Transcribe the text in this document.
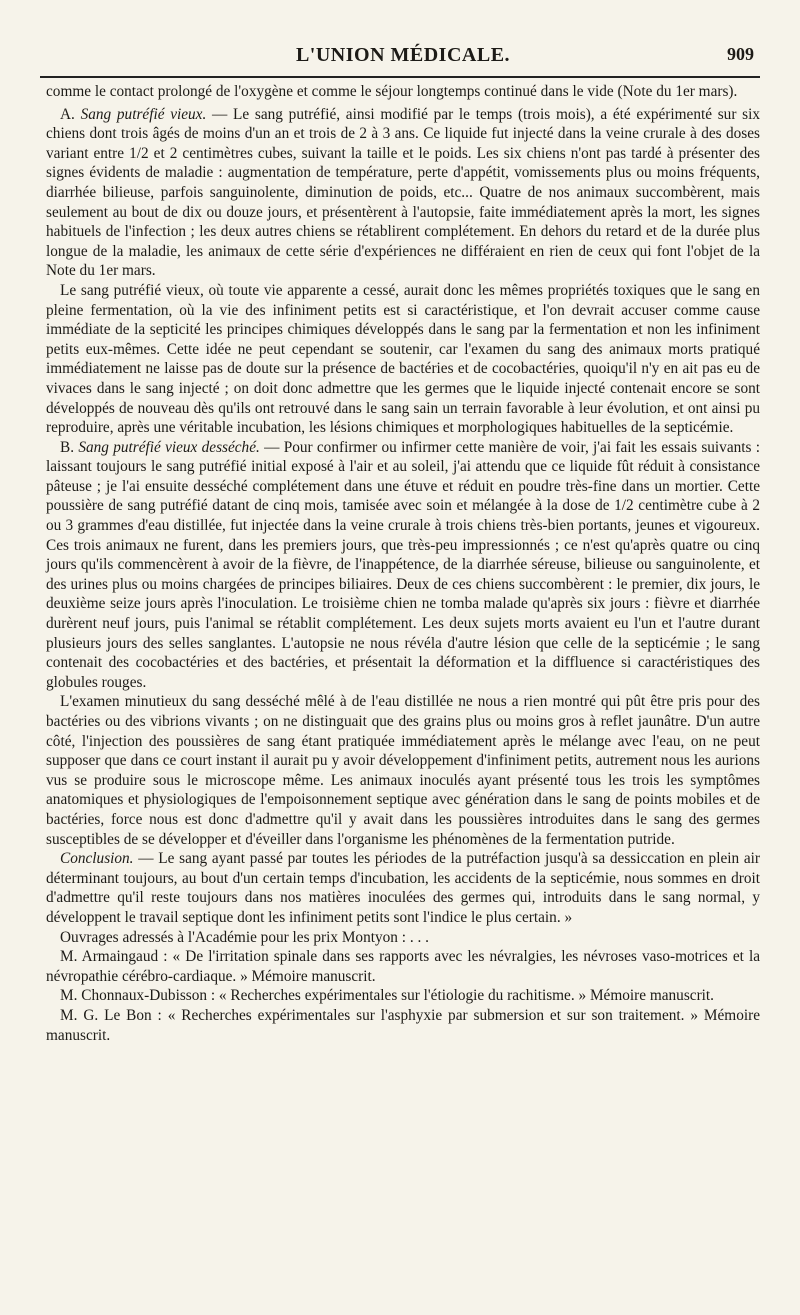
L'UNION MÉDICALE.	909

comme le contact prolongé de l'oxygène et comme le séjour longtemps continué dans le vide (Note du 1er mars).

A. Sang putréfié vieux. — Le sang putréfié, ainsi modifié par le temps (trois mois), a été expérimenté sur six chiens dont trois âgés de moins d'un an et trois de 2 à 3 ans. Ce liquide fut injecté dans la veine crurale à des doses variant entre 1/2 et 2 centimètres cubes, suivant la taille et le poids. Les six chiens n'ont pas tardé à présenter des signes évidents de maladie : augmentation de température, perte d'appétit, vomissements plus ou moins fréquents, diarrhée bilieuse, parfois sanguinolente, diminution de poids, etc... Quatre de nos animaux succombèrent, mais seulement au bout de dix ou douze jours, et présentèrent à l'autopsie, faite immédiatement après la mort, les signes habituels de l'infection ; les deux autres chiens se rétablirent complétement. En dehors du retard et de la durée plus longue de la maladie, les animaux de cette série d'expériences ne différaient en rien de ceux qui font l'objet de la Note du 1er mars.

Le sang putréfié vieux, où toute vie apparente a cessé, aurait donc les mêmes propriétés toxiques que le sang en pleine fermentation, où la vie des infiniment petits est si caractéristique, et l'on devrait accuser comme cause immédiate de la septicité les principes chimiques développés dans le sang par la fermentation et non les infiniment petits eux-mêmes. Cette idée ne peut cependant se soutenir, car l'examen du sang des animaux morts pratiqué immédiatement ne laisse pas de doute sur la présence de bactéries et de cocobactéries, quoiqu'il n'y en ait pas eu de vivaces dans le sang injecté ; on doit donc admettre que les germes que le liquide injecté contenait encore se sont développés de nouveau dès qu'ils ont retrouvé dans le sang sain un terrain favorable à leur évolution, et ont ainsi pu reproduire, après une véritable incubation, les lésions chimiques et morphologiques habituelles de la septicémie.

B. Sang putréfié vieux desséché. — Pour confirmer ou infirmer cette manière de voir, j'ai fait les essais suivants : laissant toujours le sang putréfié initial exposé à l'air et au soleil, j'ai attendu que ce liquide fût réduit à consistance pâteuse ; je l'ai ensuite desséché complétement dans une étuve et réduit en poudre très-fine dans un mortier. Cette poussière de sang putréfié datant de cinq mois, tamisée avec soin et mélangée à la dose de 1/2 centimètre cube à 2 ou 3 grammes d'eau distillée, fut injectée dans la veine crurale à trois chiens très-bien portants, jeunes et vigoureux. Ces trois animaux ne furent, dans les premiers jours, que très-peu impressionnés ; ce n'est qu'après quatre ou cinq jours qu'ils commencèrent à avoir de la fièvre, de l'inappétence, de la diarrhée séreuse, bilieuse ou sanguinolente, et des urines plus ou moins chargées de principes biliaires. Deux de ces chiens succombèrent : le premier, dix jours, le deuxième seize jours après l'inoculation. Le troisième chien ne tomba malade qu'après six jours : fièvre et diarrhée durèrent neuf jours, puis l'animal se rétablit complétement. Les deux sujets morts avaient eu l'un et l'autre durant plusieurs jours des selles sanglantes. L'autopsie ne nous révéla d'autre lésion que celle de la septicémie ; le sang contenait des cocobactéries et des bactéries, et présentait la déformation et la diffluence si caractéristiques des globules rouges.

L'examen minutieux du sang desséché mêlé à de l'eau distillée ne nous a rien montré qui pût être pris pour des bactéries ou des vibrions vivants ; on ne distinguait que des grains plus ou moins gros à reflet jaunâtre. D'un autre côté, l'injection des poussières de sang étant pratiquée immédiatement après le mélange avec l'eau, on ne peut supposer que dans ce court instant il aurait pu y avoir développement d'infiniment petits, autrement nous les aurions vus se produire sous le microscope même. Les animaux inoculés ayant présenté tous les trois les symptômes anatomiques et physiologiques de l'empoisonnement septique avec génération dans le sang de points mobiles et de bactéries, force nous est donc d'admettre qu'il y avait dans les poussières introduites dans le sang des germes susceptibles de se développer et d'éveiller dans l'organisme les phénomènes de la fermentation putride.

Conclusion. — Le sang ayant passé par toutes les périodes de la putréfaction jusqu'à sa dessiccation en plein air déterminant toujours, au bout d'un certain temps d'incubation, les accidents de la septicémie, nous sommes en droit d'admettre qu'il reste toujours dans nos matières inoculées des germes qui, introduits dans le sang normal, y développent le travail septique dont les infiniment petits sont l'indice le plus certain. »

Ouvrages adressés à l'Académie pour les prix Montyon : . . .

M. Armaingaud : « De l'irritation spinale dans ses rapports avec les névralgies, les névroses vaso-motrices et la névropathie cérébro-cardiaque. » Mémoire manuscrit.

M. Chonnaux-Dubisson : « Recherches expérimentales sur l'étiologie du rachitisme. » Mémoire manuscrit.

M. G. Le Bon : « Recherches expérimentales sur l'asphyxie par submersion et sur son traitement. » Mémoire manuscrit.
